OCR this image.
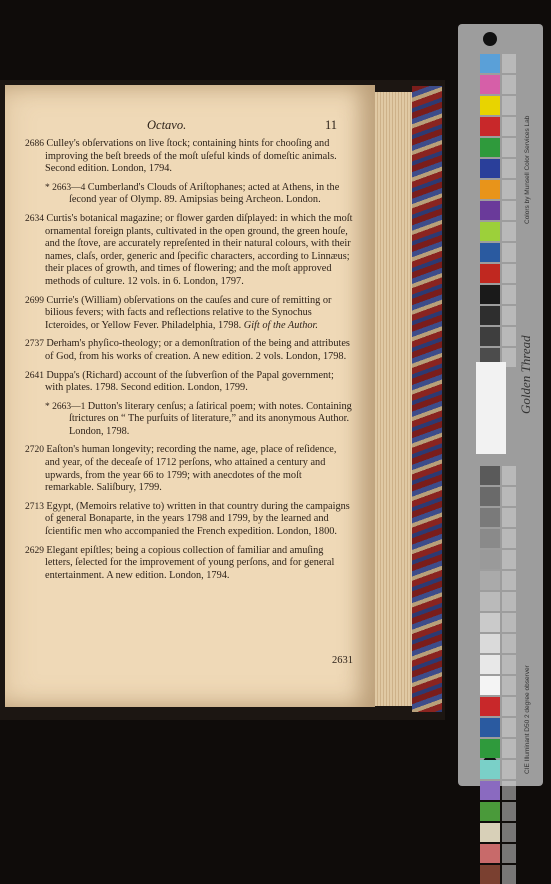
Octavo.	11
2686 Culley's obſervations on live ſtock; containing hints for chooſing and improving the beſt breeds of the moſt uſeful kinds of domeſtic animals. Second edition. London, 1794.
* 2663—4 Cumberland's Clouds of Ariſtophanes; acted at Athens, in the ſecond year of Olymp. 89. Amipsias being Archeon. London.
2634 Curtis's botanical magazine; or flower garden diſplayed: in which the moſt ornamental foreign plants, cultivated in the open ground, the green houſe, and the ſtove, are accurately repreſented in their natural colours, with their names, claſs, order, generic and ſpecific characters, according to Linnæus; their places of growth, and times of flowering; and the moſt approved methods of culture. 12 vols. in 6. London, 1797.
2699 Currie's (William) obſervations on the cauſes and cure of remitting or bilious fevers; with facts and reflections relative to the Synochus Icteroides, or Yellow Fever. Philadelphia, 1798. Gift of the Author.
2737 Derham's phyſico-theology; or a demonſtration of the being and attributes of God, from his works of creation. A new edition. 2 vols. London, 1798.
2641 Duppa's (Richard) account of the ſubverſion of the Papal government; with plates. 1798. Second edition. London, 1799.
* 2663—1 Dutton's literary cenſus; a ſatirical poem; with notes. Containing ſtrictures on “ The purſuits of literature,” and its anonymous Author. London, 1798.
2720 Eaſton's human longevity; recording the name, age, place of reſidence, and year, of the deceaſe of 1712 perſons, who attained a century and upwards, from the year 66 to 1799; with anecdotes of the moſt remarkable. Saliſbury, 1799.
2713 Egypt, (Memoirs relative to) written in that country during the campaigns of general Bonaparte, in the years 1798 and 1799, by the learned and ſcientific men who accompanied the French expedition. London, 1800.
2629 Elegant epiſtles; being a copious collection of familiar and amuſing letters, ſelected for the improvement of young perſons, and for general entertainment. A new edition. London, 1794.
2631
Golden Thread
Colors by Munsell Color Services Lab
CIE Illuminant D50 2 degree observer
